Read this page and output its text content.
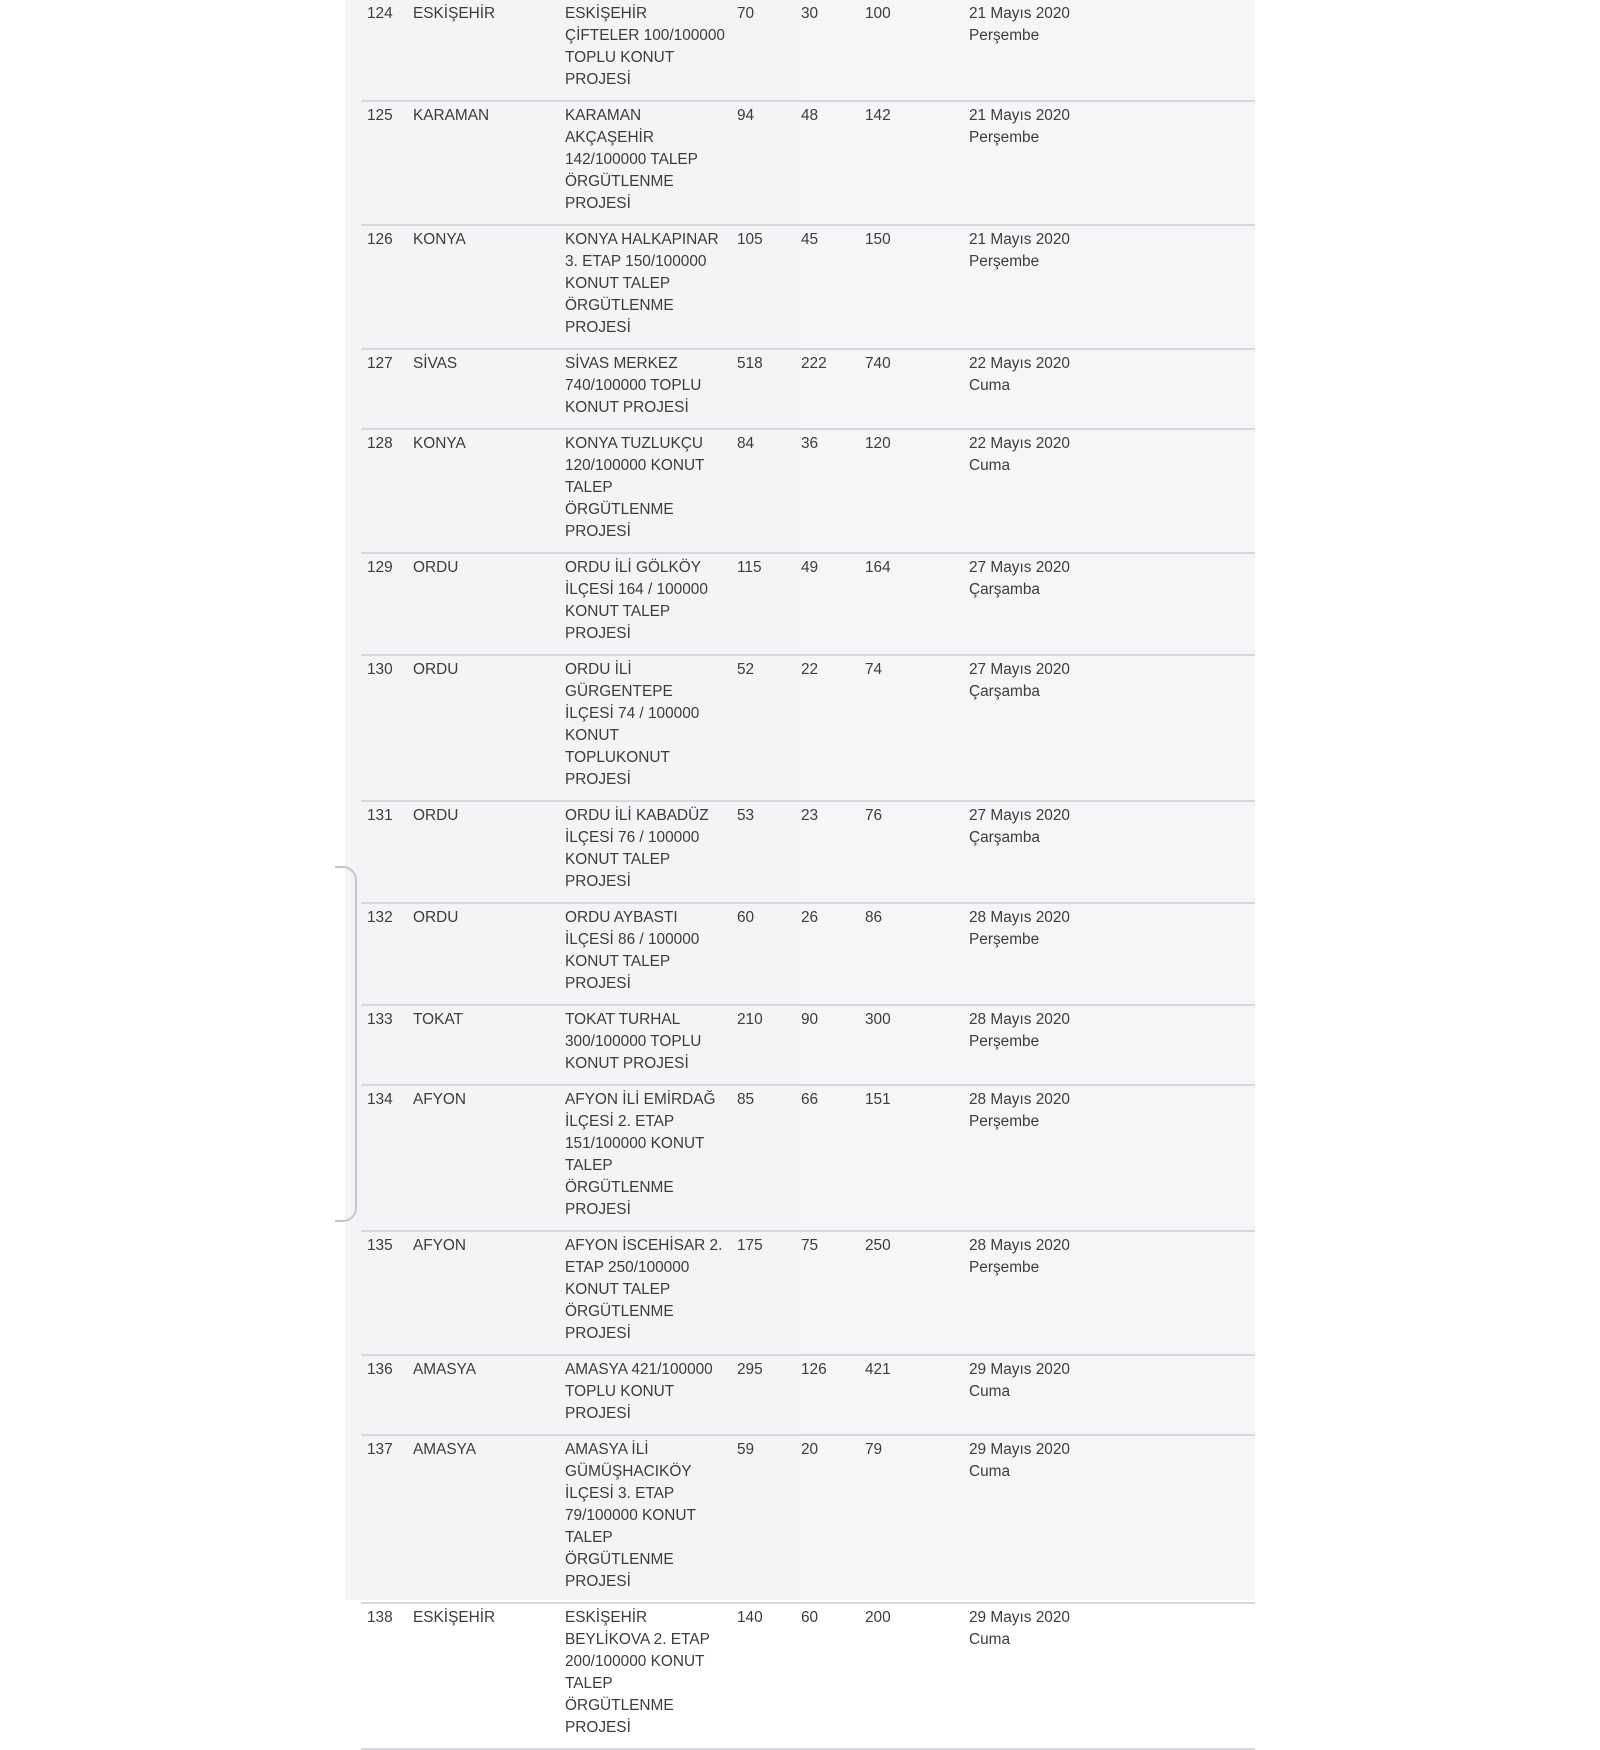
124	ESKİŞEHİR	ESKİŞEHİR ÇİFTELER 100/100000 TOPLU KONUT PROJESİ	70	30	100	21 Mayıs 2020
Perşembe

125	KARAMAN	KARAMAN AKÇAŞEHİR 142/100000 TALEP ÖRGÜTLENME PROJESİ	94	48	142	21 Mayıs 2020
Perşembe

126	KONYA	KONYA HALKAPINAR 3. ETAP 150/100000 KONUT TALEP ÖRGÜTLENME PROJESİ	105	45	150	21 Mayıs 2020
Perşembe

127	SİVAS	SİVAS MERKEZ 740/100000 TOPLU KONUT PROJESİ	518	222	740	22 Mayıs 2020
Cuma

128	KONYA	KONYA TUZLUKÇU 120/100000 KONUT TALEP ÖRGÜTLENME PROJESİ	84	36	120	22 Mayıs 2020
Cuma

129	ORDU	ORDU İLİ GÖLKÖY İLÇESİ 164 / 100000 KONUT TALEP PROJESİ	115	49	164	27 Mayıs 2020
Çarşamba

130	ORDU	ORDU İLİ GÜRGENTEPE İLÇESİ 74 / 100000 KONUT TOPLUKONUT PROJESİ	52	22	74	27 Mayıs 2020
Çarşamba

131	ORDU	ORDU İLİ KABADÜZ İLÇESİ 76 / 100000 KONUT TALEP PROJESİ	53	23	76	27 Mayıs 2020
Çarşamba

132	ORDU	ORDU AYBASTI İLÇESİ 86 / 100000 KONUT TALEP PROJESİ	60	26	86	28 Mayıs 2020
Perşembe

133	TOKAT	TOKAT TURHAL 300/100000 TOPLU KONUT PROJESİ	210	90	300	28 Mayıs 2020
Perşembe

134	AFYON	AFYON İLİ EMİRDAĞ İLÇESİ 2. ETAP 151/100000 KONUT TALEP ÖRGÜTLENME PROJESİ	85	66	151	28 Mayıs 2020
Perşembe

135	AFYON	AFYON İSCEHİSAR 2. ETAP 250/100000 KONUT TALEP ÖRGÜTLENME PROJESİ	175	75	250	28 Mayıs 2020
Perşembe

136	AMASYA	AMASYA 421/100000 TOPLU KONUT PROJESİ	295	126	421	29 Mayıs 2020
Cuma

137	AMASYA	AMASYA İLİ GÜMÜŞHACIKÖY İLÇESİ 3. ETAP 79/100000 KONUT TALEP ÖRGÜTLENME PROJESİ	59	20	79	29 Mayıs 2020
Cuma

138	ESKİŞEHİR	ESKİŞEHİR BEYLİKOVA 2. ETAP 200/100000 KONUT TALEP ÖRGÜTLENME PROJESİ	140	60	200	29 Mayıs 2020
Cuma
